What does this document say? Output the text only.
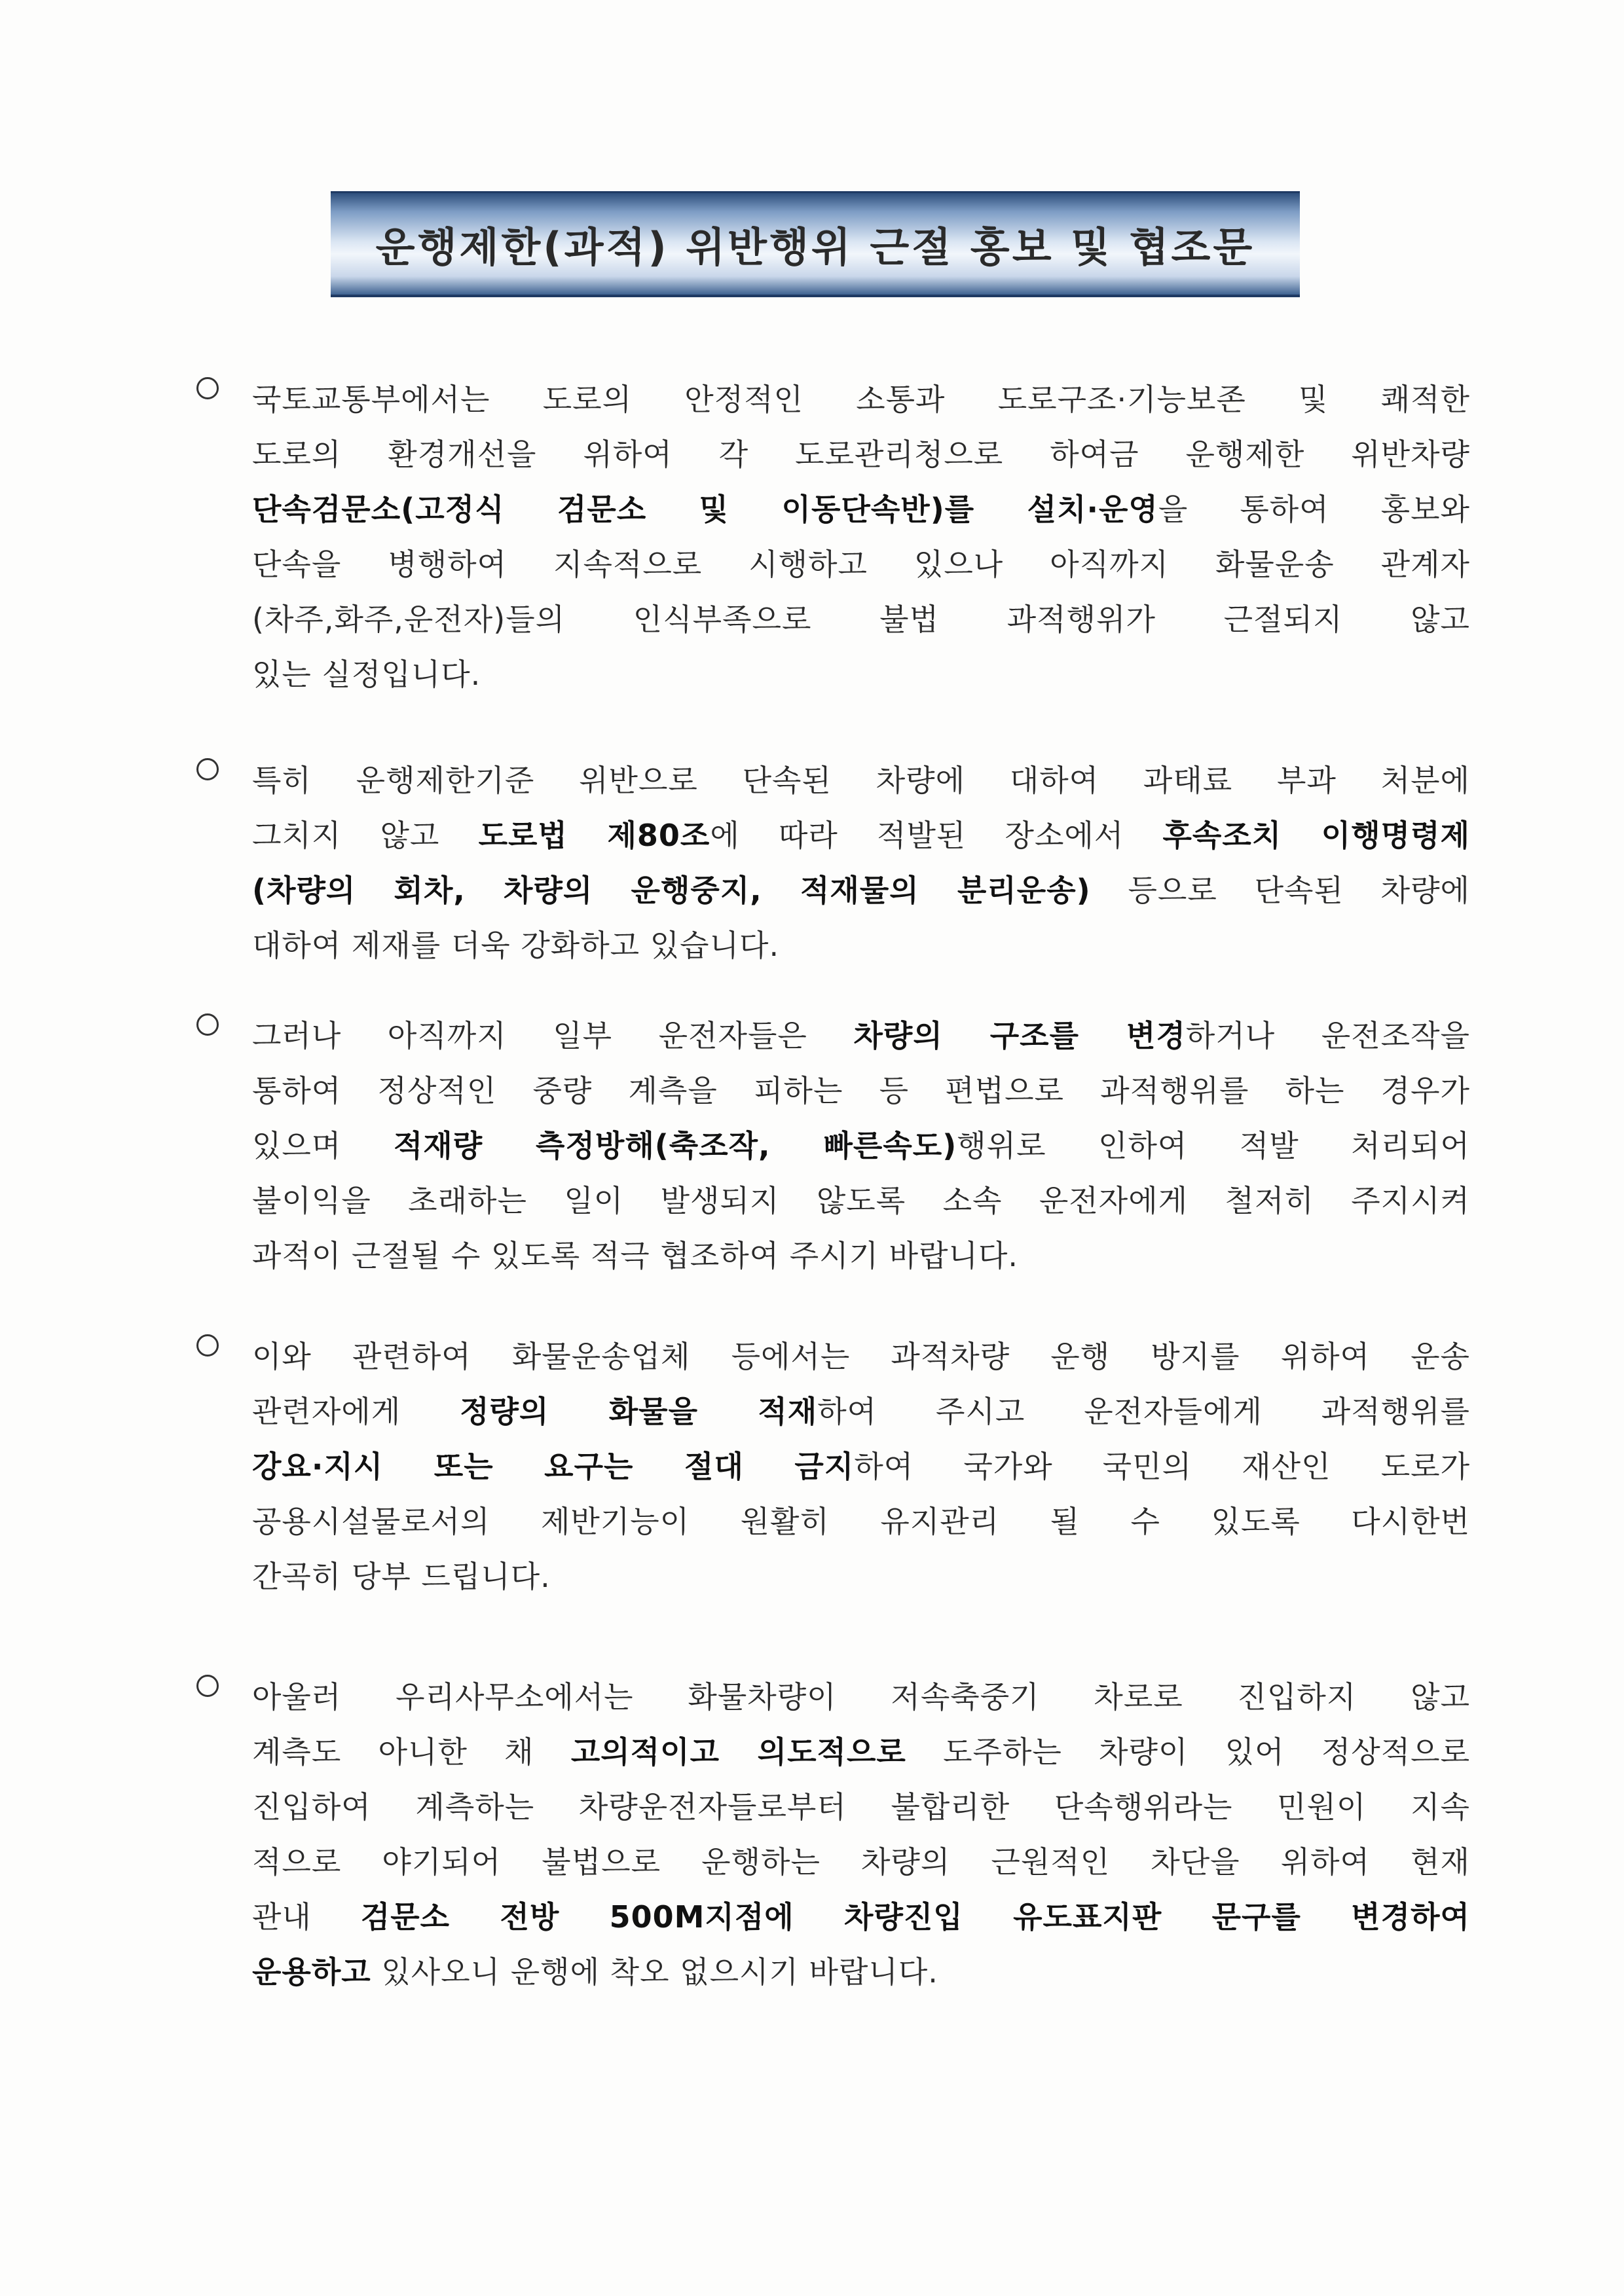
운행제한(과적) 위반행위 근절 홍보 및 협조문
국토교통부에서는 도로의 안정적인 소통과 도로구조·기능보존 및 쾌적한
도로의 환경개선을 위하여 각 도로관리청으로 하여금 운행제한 위반차량
단속검문소(고정식 검문소 및 이동단속반)를 설치·운영을 통하여 홍보와
단속을 병행하여 지속적으로 시행하고 있으나 아직까지 화물운송 관계자
(차주,화주,운전자)들의 인식부족으로 불법 과적행위가 근절되지 않고
있는 실정입니다.
특히 운행제한기준 위반으로 단속된 차량에 대하여 과태료 부과 처분에
그치지 않고 도로법 제80조에 따라 적발된 장소에서 후속조치 이행명령제
(차량의 회차, 차량의 운행중지, 적재물의 분리운송) 등으로 단속된 차량에
대하여 제재를 더욱 강화하고 있습니다.
그러나 아직까지 일부 운전자들은 차량의 구조를 변경하거나 운전조작을
통하여 정상적인 중량 계측을 피하는 등 편법으로 과적행위를 하는 경우가
있으며 적재량 측정방해(축조작, 빠른속도)행위로 인하여 적발 처리되어
불이익을 초래하는 일이 발생되지 않도록 소속 운전자에게 철저히 주지시켜
과적이 근절될 수 있도록 적극 협조하여 주시기 바랍니다.
이와 관련하여 화물운송업체 등에서는 과적차량 운행 방지를 위하여 운송
관련자에게 정량의 화물을 적재하여 주시고 운전자들에게 과적행위를
강요·지시 또는 요구는 절대 금지하여 국가와 국민의 재산인 도로가
공용시설물로서의 제반기능이 원활히 유지관리 될 수 있도록 다시한번
간곡히 당부 드립니다.
아울러 우리사무소에서는 화물차량이 저속축중기 차로로 진입하지 않고
계측도 아니한 채 고의적이고 의도적으로 도주하는 차량이 있어 정상적으로
진입하여 계측하는 차량운전자들로부터 불합리한 단속행위라는 민원이 지속
적으로 야기되어 불법으로 운행하는 차량의 근원적인 차단을 위하여 현재
관내 검문소 전방 500M지점에 차량진입 유도표지판 문구를 변경하여
운용하고 있사오니 운행에 착오 없으시기 바랍니다.
